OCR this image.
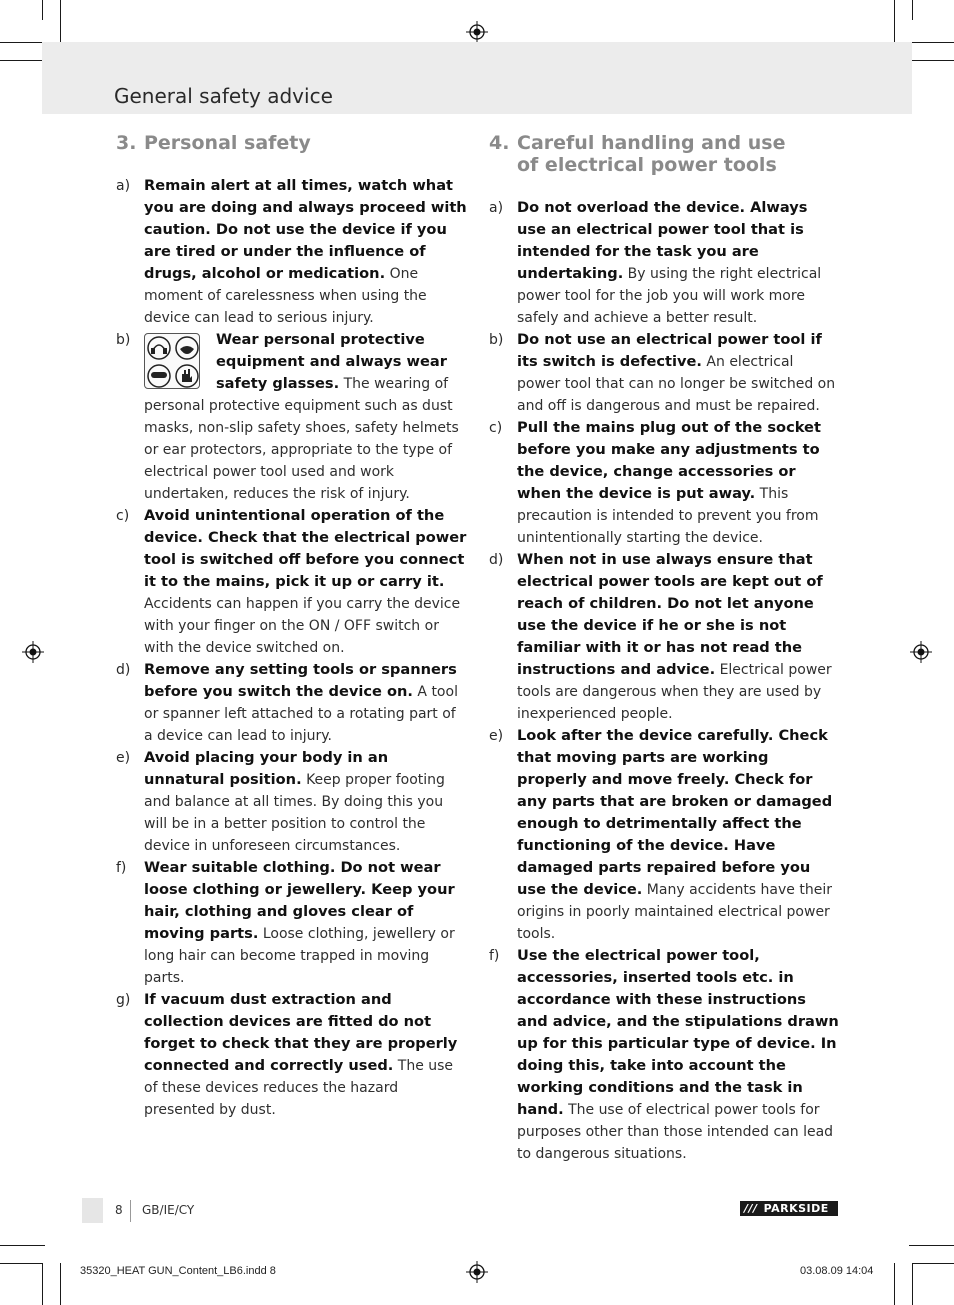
General safety advice
3. Personal safety
a) Remain alert at all times, watch what you are doing and always proceed with caution. Do not use the device if you are tired or under the influence of drugs, alcohol or medication. One moment of carelessness when using the device can lead to serious injury.
b)	Wear personal protective equipment and always wear safety glasses. The wearing of personal protective equipment such as dust masks, non-slip safety shoes, safety helmets or ear protectors, appropriate to the type of electrical power tool used and work undertaken, reduces the risk of injury.
c)	Avoid unintentional operation of the device. Check that the electrical power tool is switched off before you connect it to the mains, pick it up or carry it. Accidents can happen if you carry the device with your finger on the ON / OFF switch or with the device switched on.
d) Remove any setting tools or spanners before you switch the device on. A tool or spanner left attached to a rotating part of a device can lead to injury.
e) Avoid placing your body in an unnatural position. Keep proper footing and balance at all times. By doing this you will be in a better position to control the device in unforeseen circumstances.
f)	Wear suitable clothing. Do not wear loose clothing or jewellery. Keep your hair, clothing and gloves clear of moving parts. Loose clothing, jewellery or long hair can become trapped in moving parts.
g) If vacuum dust extraction and collection devices are fitted do not forget to check that they are properly connected and correctly used. The use of these devices reduces the hazard presented by dust.
4. Careful handling and use
of electrical power tools
a) Do not overload the device. Always use an electrical power tool that is intended for the task you are undertaking. By using the right electrical power tool for the job you will work more safely and achieve a better result.
b) Do not use an electrical power tool if its switch is defective. An electrical power tool that can no longer be switched on and off is dangerous and must be repaired.
c)	Pull the mains plug out of the socket before you make any adjustments to the device, change accessories or when the device is put away. This precaution is intended to prevent you from unintentionally starting the device.
d) When not in use always ensure that electrical power tools are kept out of reach of children. Do not let anyone use the device if he or she is not familiar with it or has not read the instructions and advice. Electrical power tools are dangerous when they are used by inexperienced people.
e) Look after the device carefully. Check that moving parts are working properly and move freely. Check for any parts that are broken or damaged enough to detrimentally affect the functioning of the device. Have damaged parts repaired before you use the device. Many accidents have their origins in poorly maintained electrical power tools.
f)	Use the electrical power tool, accessories, inserted tools etc. in accordance with these instructions and advice, and the stipulations drawn up for this particular type of device. In doing this, take into account the working conditions and the task in hand. The use of electrical power tools for purposes other than those intended can lead to dangerous situations.
8 GB/IE/CY	/// PARKSIDE
35320_HEAT GUN_Content_LB6.indd 8	03.08.09 14:04
